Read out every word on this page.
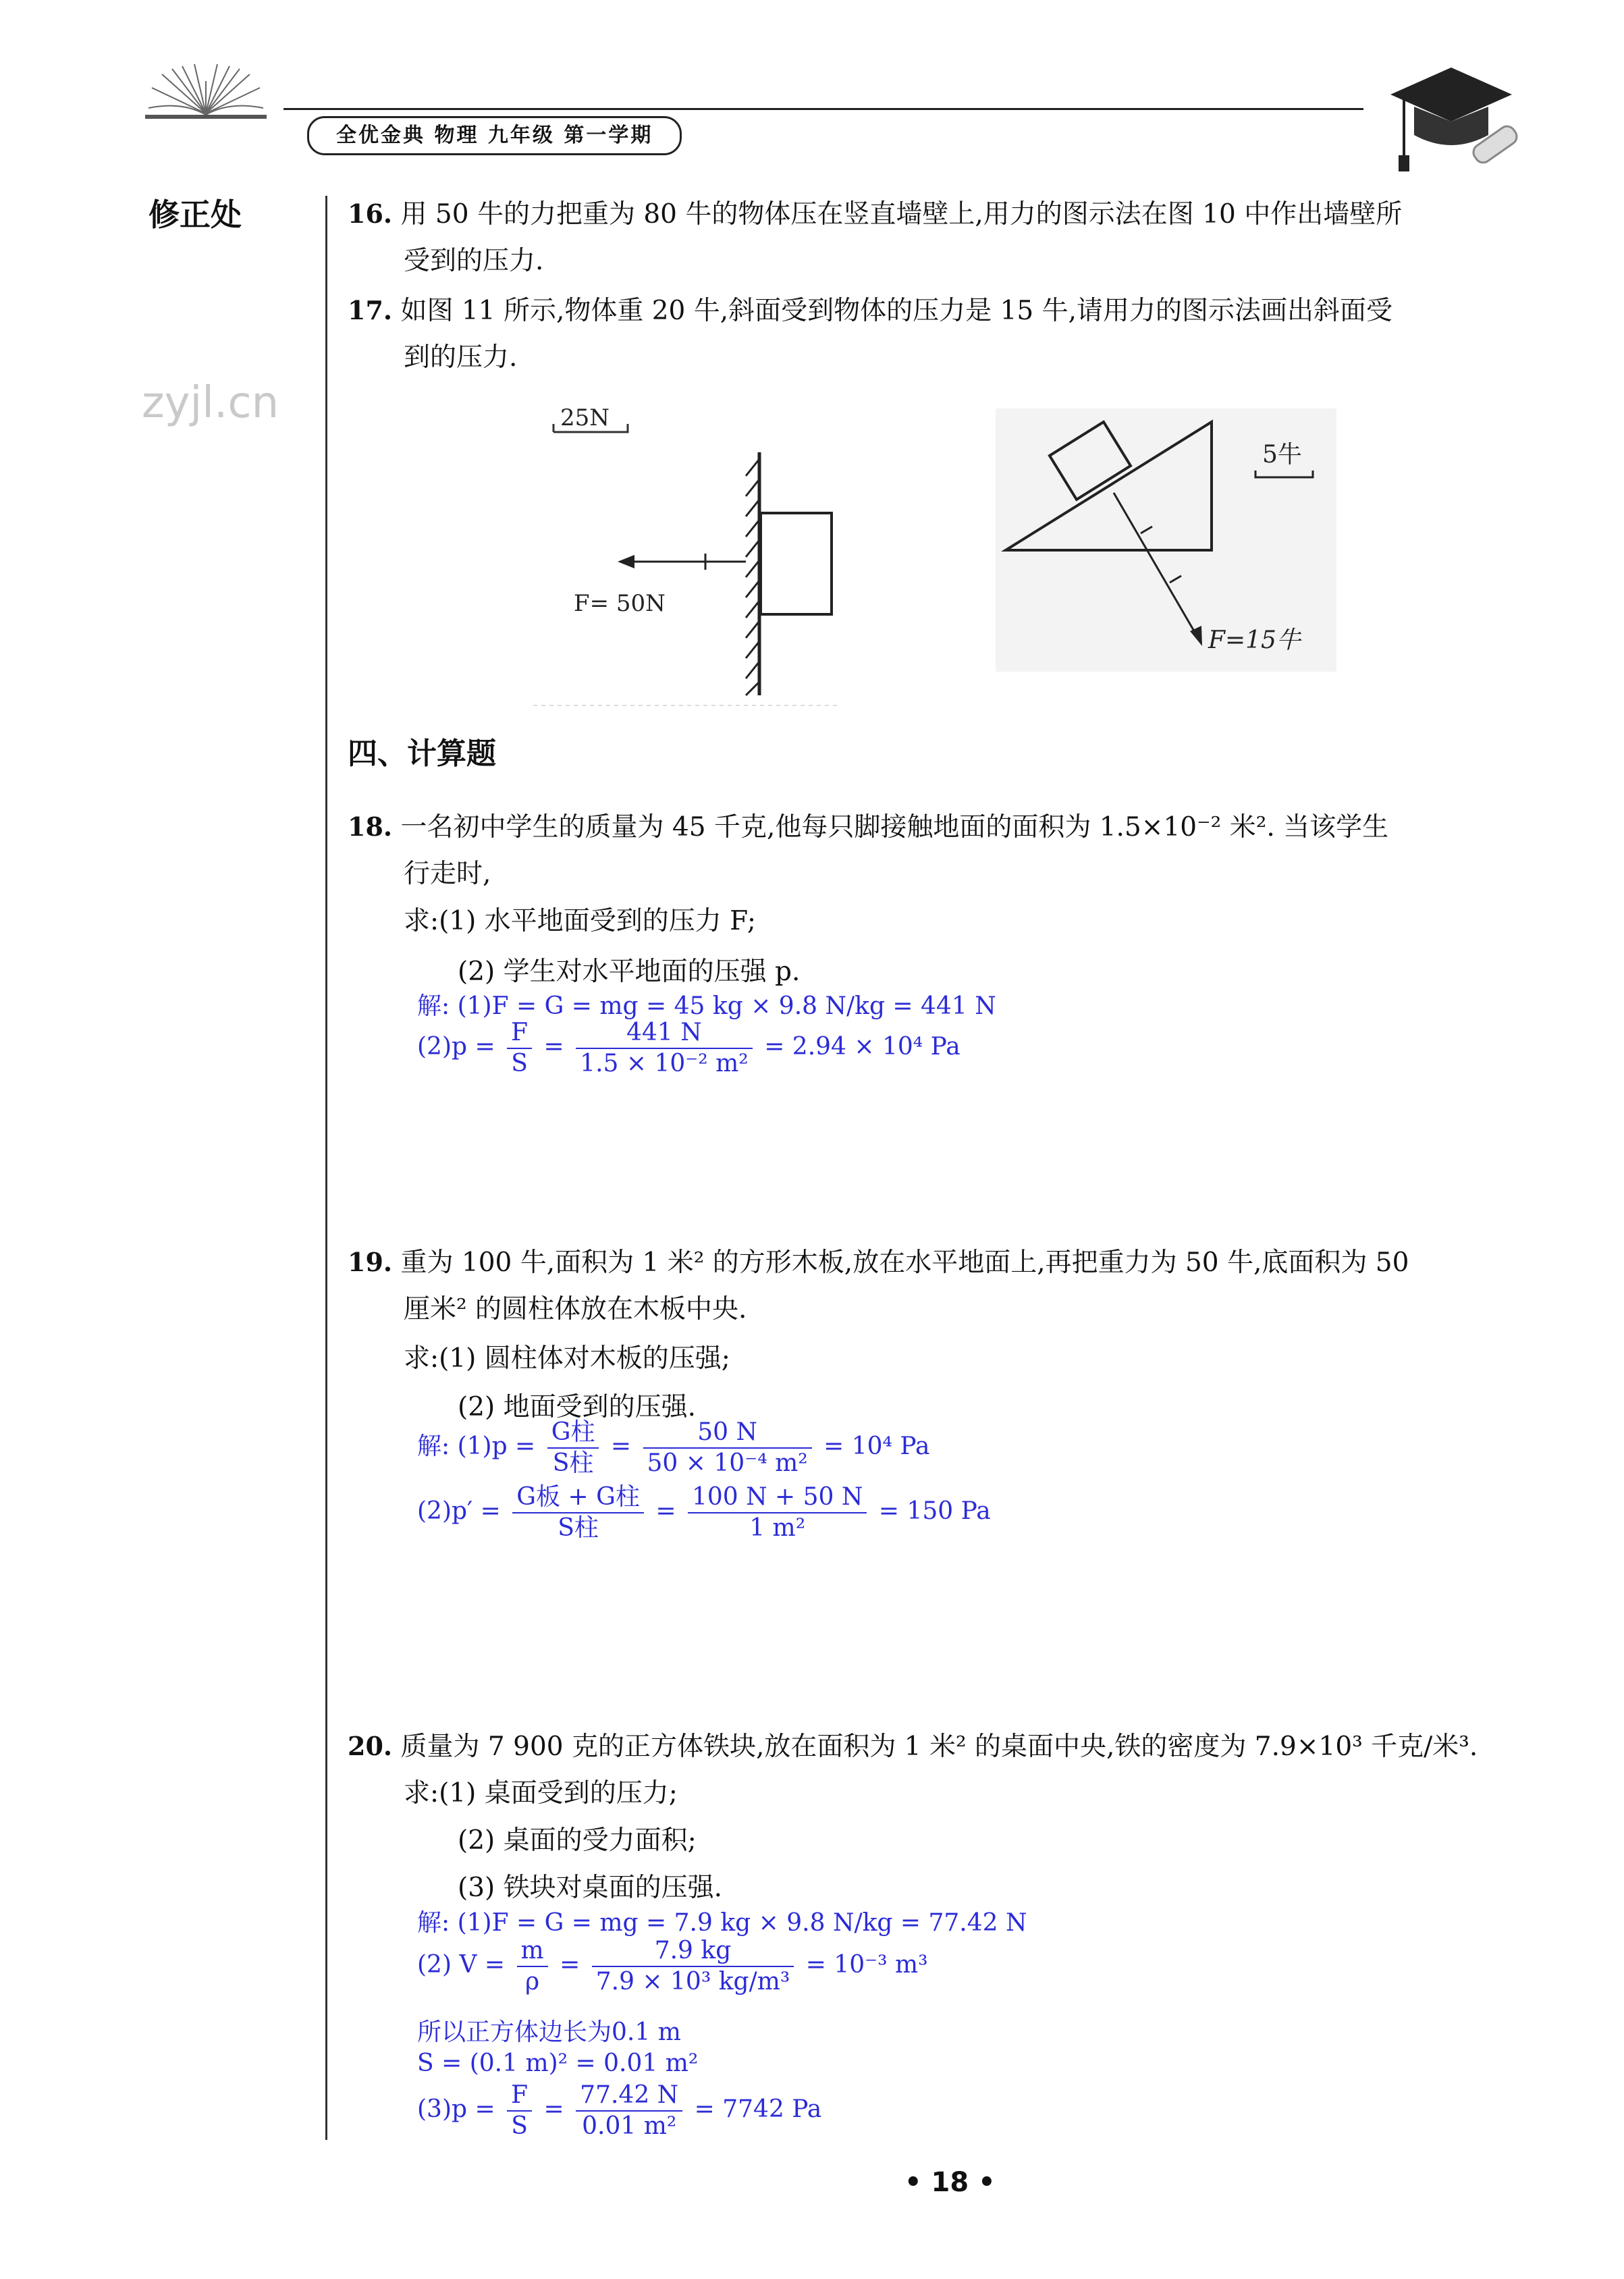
全优金典 物理 九年级 第一学期
修正处
zyjl.cn
16. 用 50 牛的力把重为 80 牛的物体压在竖直墙壁上,用力的图示法在图 10 中作出墙壁所
受到的压力.
17. 如图 11 所示,物体重 20 牛,斜面受到物体的压力是 15 牛,请用力的图示法画出斜面受
到的压力.
25N
F= 50N
5牛
F=15牛
四、计算题
18. 一名初中学生的质量为 45 千克,他每只脚接触地面的面积为 1.5×10⁻² 米². 当该学生
行走时,
求:(1) 水平地面受到的压力 F;
(2) 学生对水平地面的压强 p.
解: (1)F = G = mg = 45 kg × 9.8 N/kg = 441 N
$(2)p = \frac{F}{S} = \frac{441 N}{\text{1.5 × 10⁻² m²}} = 2.94 \times 10^4$ Pa
19. 重为 100 牛,面积为 1 米² 的方形木板,放在水平地面上,再把重力为 50 牛,底面积为 50
厘米² 的圆柱体放在木板中央.
求:(1) 圆柱体对木板的压强;
(2) 地面受到的压强.
解: $(1)p = \frac{\text{G柱}}{\text{S柱}} = \frac{50 N}{\text{50 × 10⁻⁴ m²}} = 10^4$ Pa
$(2)p' = \frac{\text{G板 + G柱}}{\text{S柱}} = \frac{100 N + 50 N}{\text{1 m²}} = 150$ Pa
20. 质量为 7 900 克的正方体铁块,放在面积为 1 米² 的桌面中央,铁的密度为 7.9×10³ 千克/米³.
求:(1) 桌面受到的压力;
(2) 桌面的受力面积;
(3) 铁块对桌面的压强.
解: (1)F = G = mg = 7.9 kg × 9.8 N/kg = 77.42 N
(2) $V = \frac{m}{\rho} = \frac{7.9 kg}{\text{7.9 × 10³ kg/m³}} = 10^{-3}$ m³
所以正方体边长为0.1 m
S = (0.1 m)² = 0.01 m²
$(3)p = \frac{F}{S} = \frac{77.42 N}{\text{0.01 m²}} = 7742$ Pa
• 18 •
